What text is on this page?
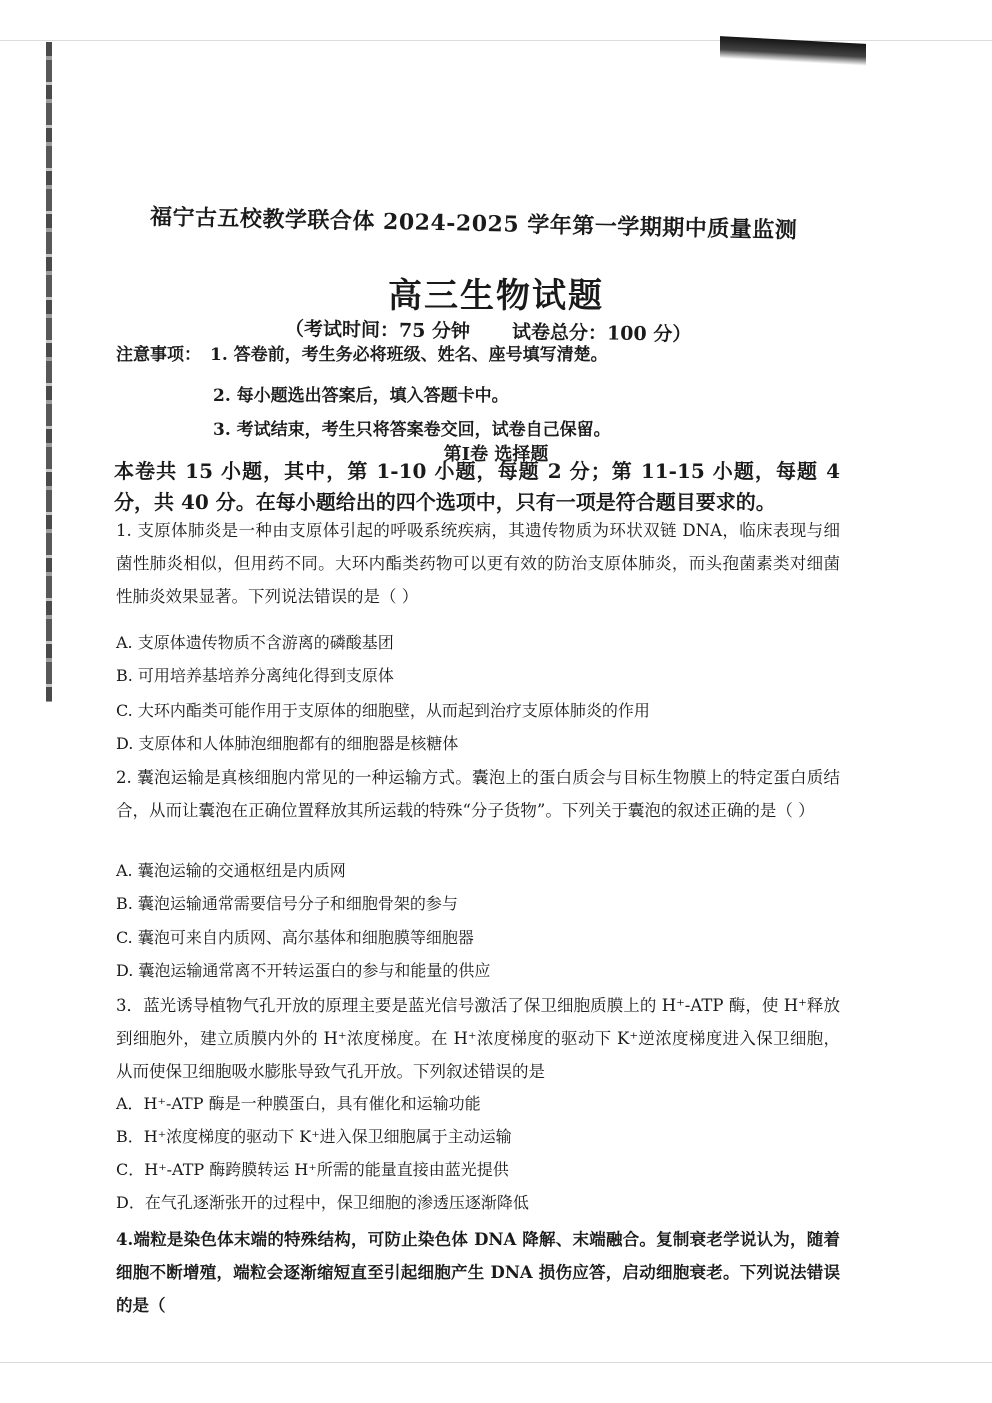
福宁古五校教学联合体 2024-2025 学年第一学期期中质量监测
高三生物试题
（考试时间：75 分钟 试卷总分：100 分）
注意事项： 1. 答卷前，考生务必将班级、姓名、座号填写清楚。
2. 每小题选出答案后，填入答题卡中。
3. 考试结束，考生只将答案卷交回，试卷自己保留。
第Ⅰ卷 选择题
本卷共 15 小题，其中，第 1-10 小题，每题 2 分；第 11-15 小题，每题 4 分，共 40 分。在每小题给出的四个选项中，只有一项是符合题目要求的。
1. 支原体肺炎是一种由支原体引起的呼吸系统疾病，其遗传物质为环状双链 DNA，临床表现与细菌性肺炎相似，但用药不同。大环内酯类药物可以更有效的防治支原体肺炎，而头孢菌素类对细菌性肺炎效果显著。下列说法错误的是（ ）
A. 支原体遗传物质不含游离的磷酸基团
B. 可用培养基培养分离纯化得到支原体
C. 大环内酯类可能作用于支原体的细胞壁，从而起到治疗支原体肺炎的作用
D. 支原体和人体肺泡细胞都有的细胞器是核糖体
2. 囊泡运输是真核细胞内常见的一种运输方式。囊泡上的蛋白质会与目标生物膜上的特定蛋白质结合，从而让囊泡在正确位置释放其所运载的特殊“分子货物”。下列关于囊泡的叙述正确的是（ ）
A. 囊泡运输的交通枢纽是内质网
B. 囊泡运输通常需要信号分子和细胞骨架的参与
C. 囊泡可来自内质网、高尔基体和细胞膜等细胞器
D. 囊泡运输通常离不开转运蛋白的参与和能量的供应
3．蓝光诱导植物气孔开放的原理主要是蓝光信号激活了保卫细胞质膜上的 H⁺-ATP 酶，使 H⁺释放到细胞外，建立质膜内外的 H⁺浓度梯度。在 H⁺浓度梯度的驱动下 K⁺逆浓度梯度进入保卫细胞，从而使保卫细胞吸水膨胀导致气孔开放。下列叙述错误的是
A．H⁺-ATP 酶是一种膜蛋白，具有催化和运输功能
B．H⁺浓度梯度的驱动下 K⁺进入保卫细胞属于主动运输
C．H⁺-ATP 酶跨膜转运 H⁺所需的能量直接由蓝光提供
D．在气孔逐渐张开的过程中，保卫细胞的渗透压逐渐降低
4.端粒是染色体末端的特殊结构，可防止染色体 DNA 降解、末端融合。复制衰老学说认为，随着细胞不断增殖，端粒会逐渐缩短直至引起细胞产生 DNA 损伤应答，启动细胞衰老。下列说法错误的是（
